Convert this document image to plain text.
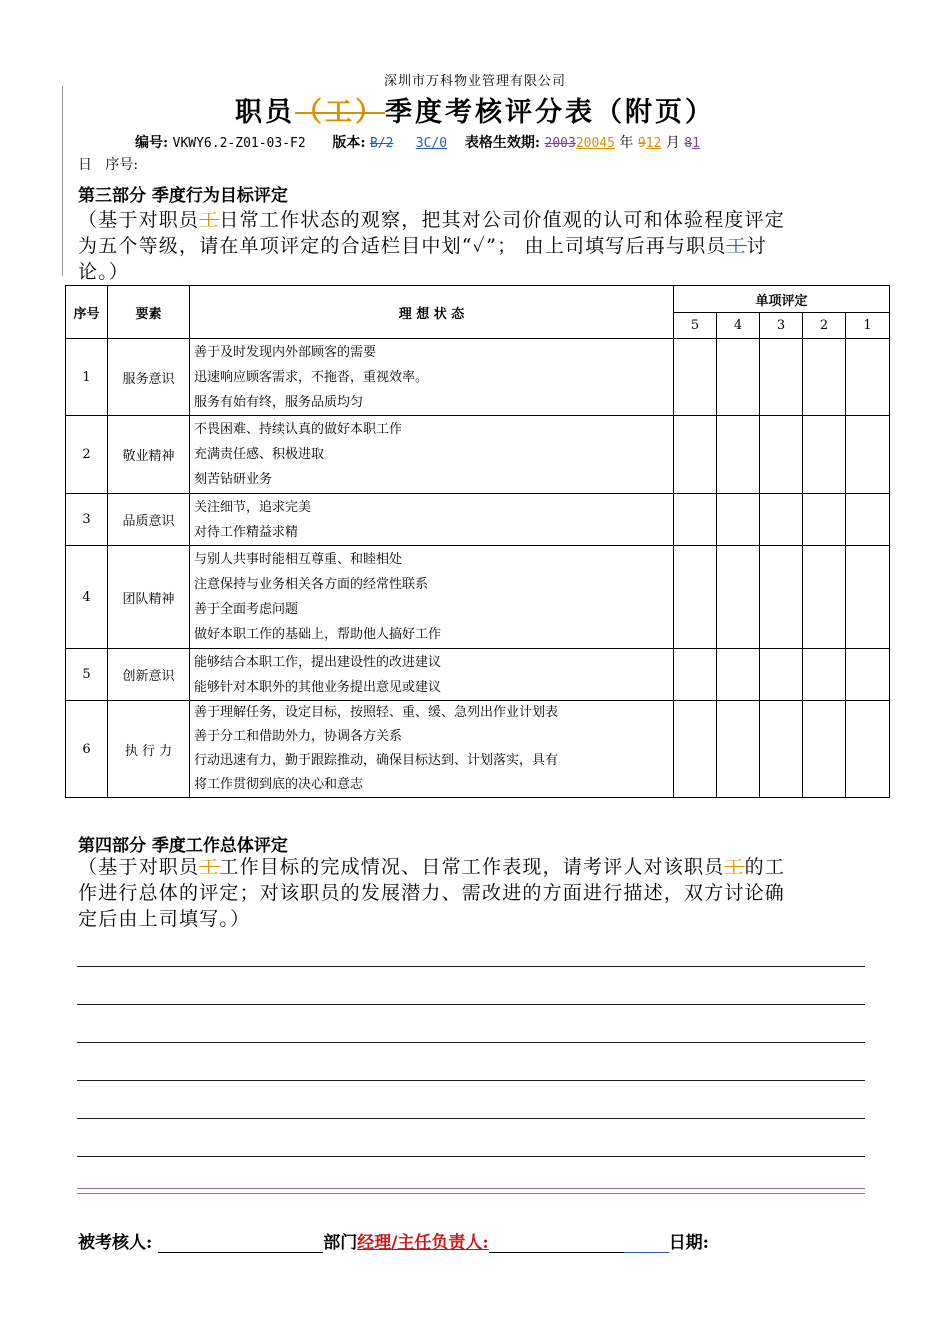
深圳市万科物业管理有限公司
职员（工）季度考核评分表（附页）
编号: VKWY6.2-Z01-03-F2 版本: B/2 3C/0 表格生效期: 200320045 年 912 月 81
日 序号:
第三部分 季度行为目标评定
（基于对职员工日常工作状态的观察，把其对公司价值观的认可和体验程度评定
为五个等级，请在单项评定的合适栏目中划“✓”； 由上司填写后再与职员工讨
论。）
序号	要素	理 想 状 态	单项评定				
			5	4	3	2	1
1	服务意识	善于及时发现内外部顾客的需要
迅速响应顾客需求，不拖沓，重视效率。
服务有始有终，服务品质均匀					

2	敬业精神	不畏困难、持续认真的做好本职工作
充满责任感、积极进取
刻苦钻研业务					

3	品质意识	关注细节，追求完美
对待工作精益求精					

4	团队精神	与别人共事时能相互尊重、和睦相处
注意保持与业务相关各方面的经常性联系
善于全面考虑问题
做好本职工作的基础上，帮助他人搞好工作					

5	创新意识	能够结合本职工作，提出建设性的改进建议
能够针对本职外的其他业务提出意见或建议					

6	执 行 力	善于理解任务，设定目标，按照轻、重、缓、急列出作业计划表
善于分工和借助外力，协调各方关系
行动迅速有力，勤于跟踪推动，确保目标达到、计划落实，具有
将工作贯彻到底的决心和意志					

第四部分 季度工作总体评定
（基于对职员工工作目标的完成情况、日常工作表现，请考评人对该职员工的工
作进行总体的评定；对该职员的发展潜力、需改进的方面进行描述，双方讨论确
定后由上司填写。）
被考核人:	部门经理/主任负责人:	日期:
